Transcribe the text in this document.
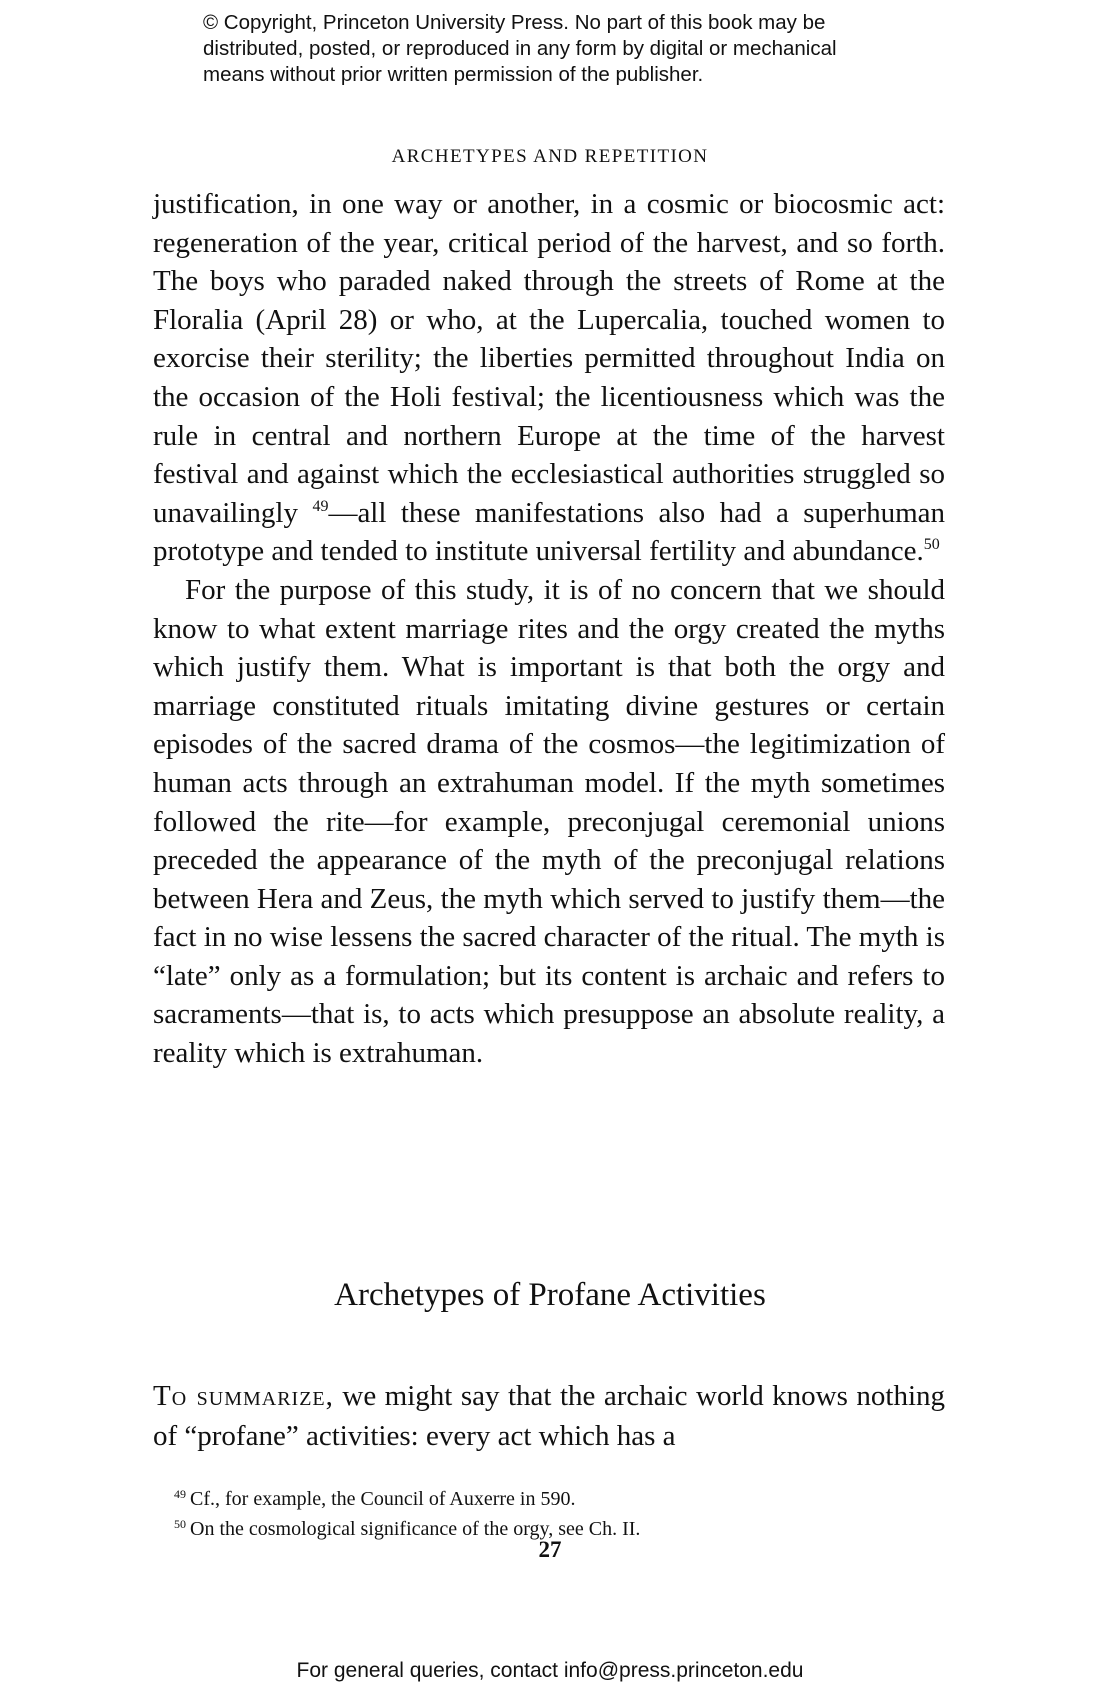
© Copyright, Princeton University Press. No part of this book may be
distributed, posted, or reproduced in any form by digital or mechanical
means without prior written permission of the publisher.
ARCHETYPES AND REPETITION

justification, in one way or another, in a cosmic or biocosmic act: regeneration of the year, critical period of the harvest, and so forth. The boys who paraded naked through the streets of Rome at the Floralia (April 28) or who, at the Lupercalia, touched women to exorcise their sterility; the liberties permitted throughout India on the occasion of the Holi festival; the licentiousness which was the rule in central and northern Europe at the time of the harvest festival and against which the ecclesiastical authorities struggled so unavailingly $^{49}$—all these manifestations also had a superhuman prototype and tended to institute universal fertility and abundance.$^{50}$

For the purpose of this study, it is of no concern that we should know to what extent marriage rites and the orgy created the myths which justify them. What is important is that both the orgy and marriage constituted rituals imitating divine gestures or certain episodes of the sacred drama of the cosmos—the legitimization of human acts through an extrahuman model. If the myth sometimes followed the rite—for example, preconjugal ceremonial unions preceded the appearance of the myth of the preconjugal relations between Hera and Zeus, the myth which served to justify them—the fact in no wise lessens the sacred character of the ritual. The myth is “late” only as a formulation; but its content is archaic and refers to sacraments—that is, to acts which presuppose an absolute reality, a reality which is extrahuman.

Archetypes of Profane Activities

To summarize, we might say that the archaic world knows nothing of “profane” activities: every act which has a

$^{49}$ Cf., for example, the Council of Auxerre in 590.

$^{50}$ On the cosmological significance of the orgy, see Ch. II.

27
For general queries, contact info@press.princeton.edu
